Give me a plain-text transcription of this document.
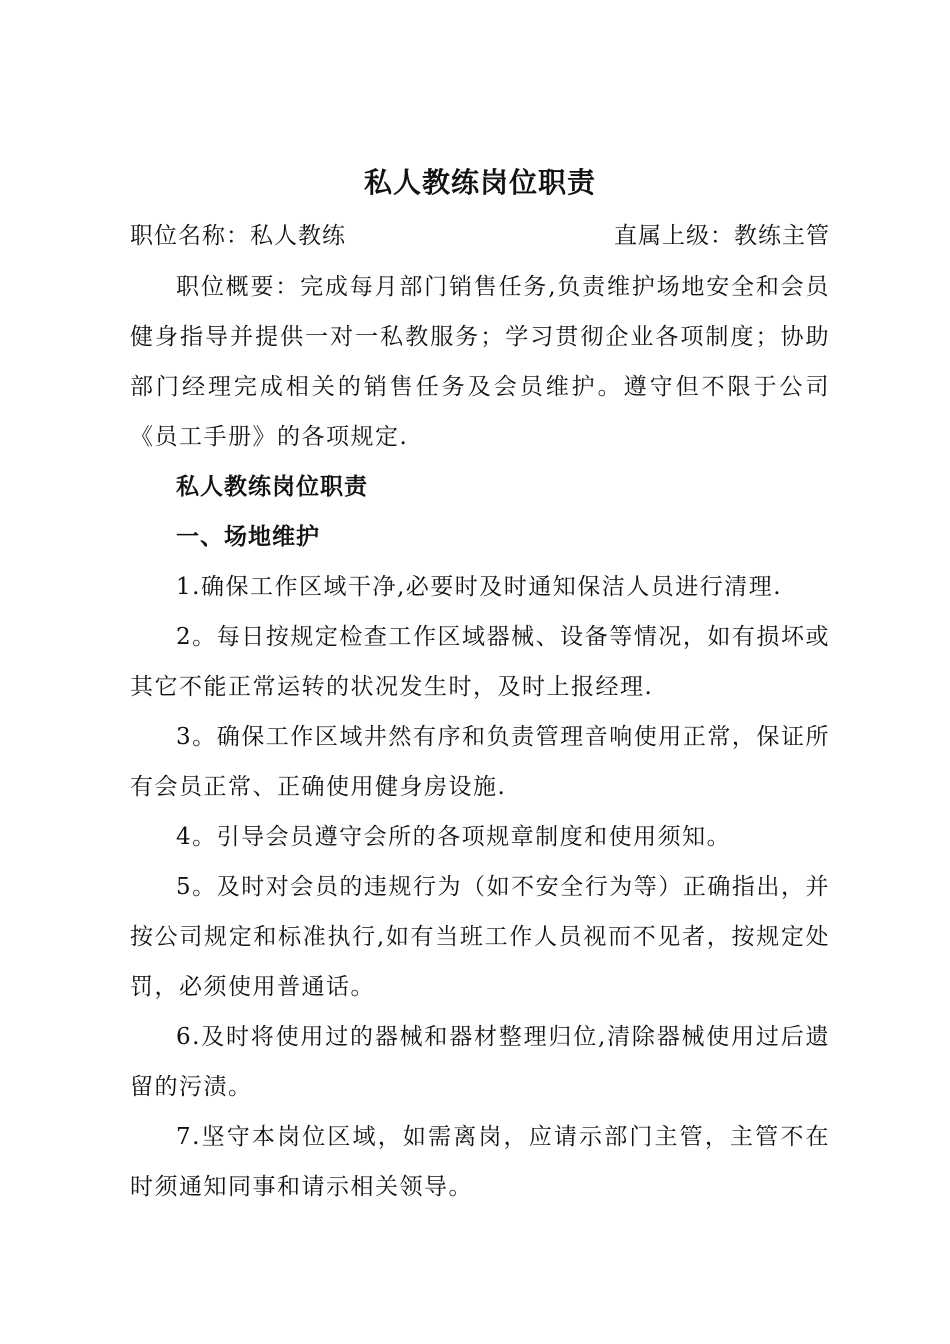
私人教练岗位职责
职位名称：私人教练	直属上级：教练主管

职位概要：完成每月部门销售任务,负责维护场地安全和会员健身指导并提供一对一私教服务；学习贯彻企业各项制度；协助部门经理完成相关的销售任务及会员维护。遵守但不限于公司《员工手册》的各项规定.

私人教练岗位职责

一、场地维护

1.确保工作区域干净,必要时及时通知保洁人员进行清理.

2。每日按规定检查工作区域器械、设备等情况，如有损坏或其它不能正常运转的状况发生时，及时上报经理.

3。确保工作区域井然有序和负责管理音响使用正常，保证所有会员正常、正确使用健身房设施.

4。引导会员遵守会所的各项规章制度和使用须知。

5。及时对会员的违规行为（如不安全行为等）正确指出，并按公司规定和标准执行,如有当班工作人员视而不见者，按规定处罚，必须使用普通话。

6.及时将使用过的器械和器材整理归位,清除器械使用过后遗留的污渍。

7.坚守本岗位区域，如需离岗，应请示部门主管，主管不在时须通知同事和请示相关领导。
